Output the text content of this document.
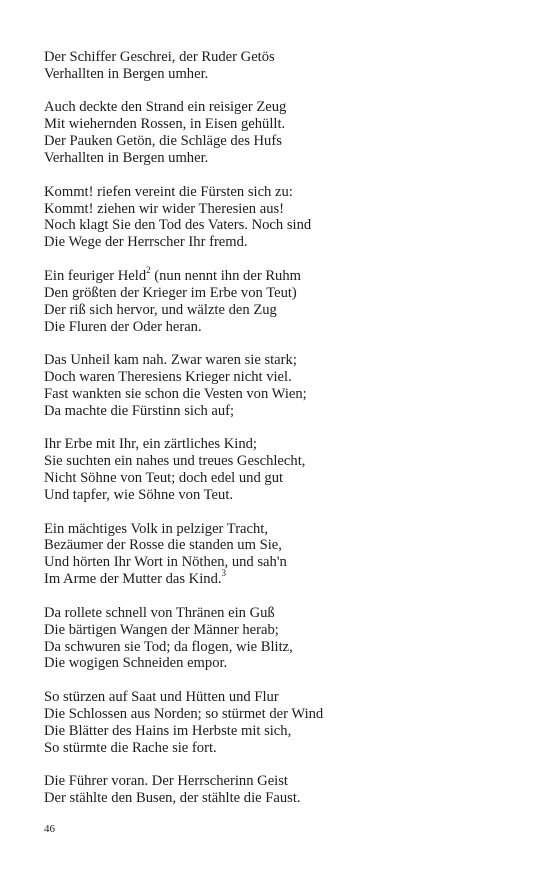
Der Schiffer Geschrei, der Ruder Getös
Verhallten in Bergen umher.
Auch deckte den Strand ein reisiger Zeug
Mit wiehernden Rossen, in Eisen gehüllt.
Der Pauken Getön, die Schläge des Hufs
Verhallten in Bergen umher.
Kommt! riefen vereint die Fürsten sich zu:
Kommt! ziehen wir wider Theresien aus!
Noch klagt Sie den Tod des Vaters. Noch sind
Die Wege der Herrscher Ihr fremd.
Ein feuriger Held$^2$ (nun nennt ihn der Ruhm
Den größten der Krieger im Erbe von Teut)
Der riß sich hervor, und wälzte den Zug
Die Fluren der Oder heran.
Das Unheil kam nah. Zwar waren sie stark;
Doch waren Theresiens Krieger nicht viel.
Fast wankten sie schon die Vesten von Wien;
Da machte die Fürstinn sich auf;
Ihr Erbe mit Ihr, ein zärtliches Kind;
Sie suchten ein nahes und treues Geschlecht,
Nicht Söhne von Teut; doch edel und gut
Und tapfer, wie Söhne von Teut.
Ein mächtiges Volk in pelziger Tracht,
Bezäumer der Rosse die standen um Sie,
Und hörten Ihr Wort in Nöthen, und sah'n
Im Arme der Mutter das Kind.$^3$
Da rollete schnell von Thränen ein Guß
Die bärtigen Wangen der Männer herab;
Da schwuren sie Tod; da flogen, wie Blitz,
Die wogigen Schneiden empor.
So stürzen auf Saat und Hütten und Flur
Die Schlossen aus Norden; so stürmet der Wind
Die Blätter des Hains im Herbste mit sich,
So stürmte die Rache sie fort.
Die Führer voran. Der Herrscherinn Geist
Der stählte den Busen, der stählte die Faust.
46
